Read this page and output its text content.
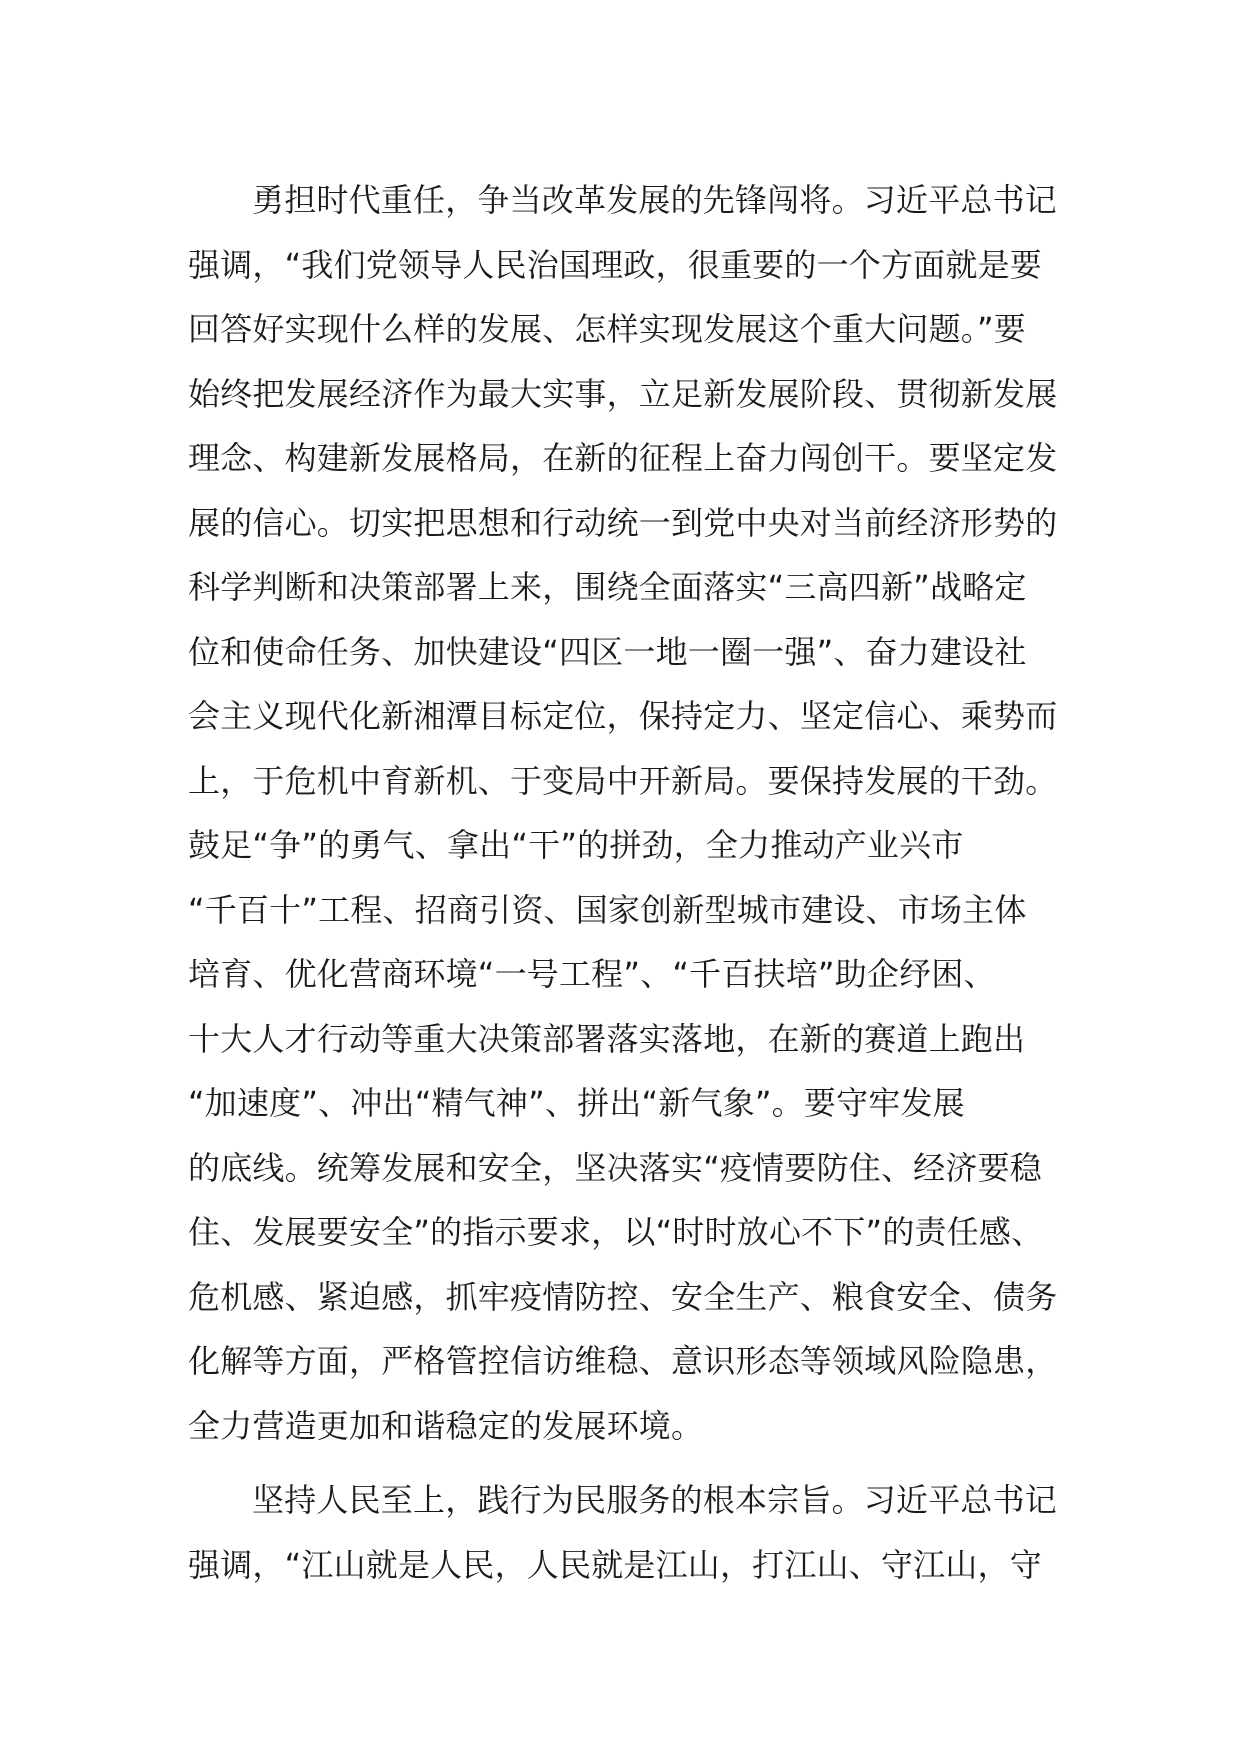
勇担时代重任，争当改革发展的先锋闯将。习近平总书记
强调，“我们党领导人民治国理政，很重要的一个方面就是要
回答好实现什么样的发展、怎样实现发展这个重大问题。”要
始终把发展经济作为最大实事，立足新发展阶段、贯彻新发展
理念、构建新发展格局，在新的征程上奋力闯创干。要坚定发
展的信心。切实把思想和行动统一到党中央对当前经济形势的
科学判断和决策部署上来，围绕全面落实“三高四新”战略定
位和使命任务、加快建设“四区一地一圈一强”、奋力建设社
会主义现代化新湘潭目标定位，保持定力、坚定信心、乘势而
上，于危机中育新机、于变局中开新局。要保持发展的干劲。
鼓足“争”的勇气、拿出“干”的拼劲，全力推动产业兴市
“千百十”工程、招商引资、国家创新型城市建设、市场主体
培育、优化营商环境“一号工程”、“千百扶培”助企纾困、
十大人才行动等重大决策部署落实落地，在新的赛道上跑出
“加速度”、冲出“精气神”、拼出“新气象”。要守牢发展
的底线。统筹发展和安全，坚决落实“疫情要防住、经济要稳
住、发展要安全”的指示要求，以“时时放心不下”的责任感、
危机感、紧迫感，抓牢疫情防控、安全生产、粮食安全、债务
化解等方面，严格管控信访维稳、意识形态等领域风险隐患，
全力营造更加和谐稳定的发展环境。
坚持人民至上，践行为民服务的根本宗旨。习近平总书记
强调，“江山就是人民，人民就是江山，打江山、守江山，守
